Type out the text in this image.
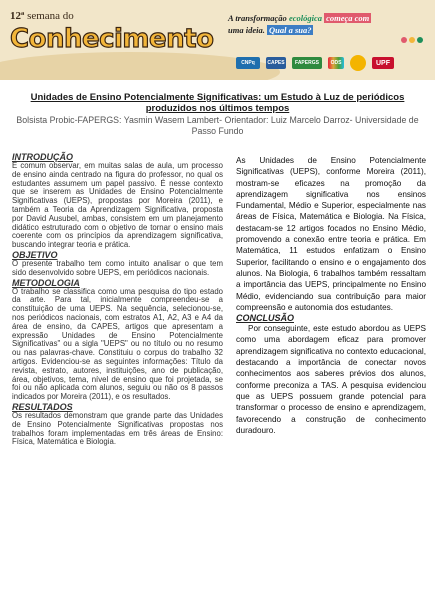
12ª semana do
Conhecimento
A transformação ecológica começa com
uma ideia. Qual a sua?
CNPq	CAPES	FAPERGS	ODS	UPF
Unidades de Ensino Potencialmente Significativas: um Estudo à Luz de periódicos produzidos nos últimos tempos
Bolsista Probic-FAPERGS: Yasmin Wasem Lambert- Orientador: Luiz Marcelo Darroz- Universidade de Passo Fundo
INTRODUÇÃO

É comum observar, em muitas salas de aula, um processo de ensino ainda centrado na figura do professor, no qual os estudantes assumem um papel passivo. É nesse contexto que se inserem as Unidades de Ensino Potencialmente Significativas (UEPS), propostas por Moreira (2011), e também a Teoria da Aprendizagem Significativa, proposta por David Ausubel, ambas, consistem em um planejamento didático estruturado com o objetivo de tornar o ensino mais coerente com os princípios da aprendizagem significativa, buscando integrar teoria e prática.

OBJETIVO

O presente trabalho tem como intuito analisar o que tem sido desenvolvido sobre UEPS, em periódicos nacionais.

METODOLOGIA

O trabalho se classifica como uma pesquisa do tipo estado da arte. Para tal, inicialmente compreendeu-se a constituição de uma UEPS. Na sequência, selecionou-se, nos periódicos nacionais, com estratos A1, A2, A3 e A4 da área de ensino, da CAPES, artigos que apresentam a expressão Unidades de Ensino Potencialmente Significativas" ou a sigla "UEPS" ou no título ou no resumo ou nas palavras-chave. Constituiu o corpus do trabalho 32 artigos. Evidenciou-se as seguintes informações: Título da revista, estrato, autores, instituições, ano de publicação, área, objetivos, tema, nível de ensino que foi projetada, se foi ou não aplicada com alunos, seguiu ou não os 8 passos indicados por Moreira (2011), e os resultados.

RESULTADOS

Os resultados demonstram que grande parte das Unidades de Ensino Potencialmente Significativas propostas nos trabalhos foram implementadas em três áreas de Ensino: Física, Matemática e Biologia.

As Unidades de Ensino Potencialmente Significativas (UEPS), conforme Moreira (2011), mostram-se eficazes na promoção da aprendizagem significativa nos ensinos Fundamental, Médio e Superior, especialmente nas áreas de Física, Matemática e Biologia. Na Física, destacam-se 12 artigos focados no Ensino Médio, promovendo a conexão entre teoria e prática. Em Matemática, 11 estudos enfatizam o Ensino Superior, facilitando o ensino e o engajamento dos alunos. Na Biologia, 6 trabalhos também ressaltam a importância das UEPS, principalmente no Ensino Médio, evidenciando sua contribuição para maior compreensão e autonomia dos estudantes.

CONCLUSÃO

Por conseguinte, este estudo abordou as UEPS como uma abordagem eficaz para promover aprendizagem significativa no contexto educacional, destacando a importância de conectar novos conhecimentos aos saberes prévios dos alunos, conforme preconiza a TAS. A pesquisa evidenciou que as UEPS possuem grande potencial para transformar o processo de ensino e aprendizagem, favorecendo a construção de conhecimento duradouro.
